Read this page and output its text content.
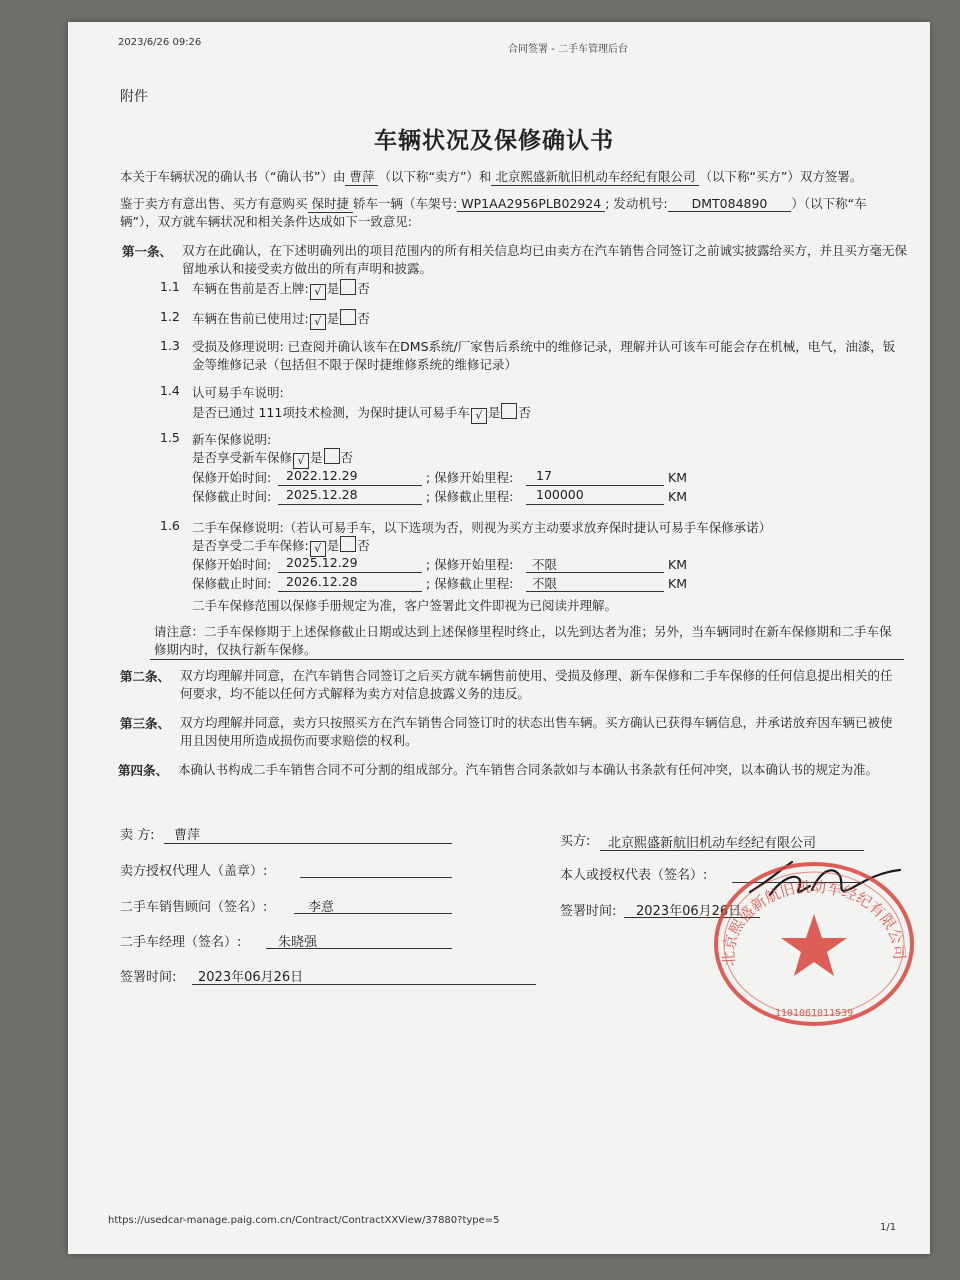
2023/6/26 09:26
合同签署 - 二手车管理后台
附件
车辆状况及保修确认书
本关于车辆状况的确认书（“确认书”）由 曹萍 （以下称“卖方”）和 北京熙盛新航旧机动车经纪有限公司 （以下称“买方”）双方签署。
鉴于卖方有意出售、买方有意购买 保时捷 轿车一辆（车架号: WP1AA2956PLB02924 ; 发动机号: DMT084890 ）（以下称“车
辆”），双方就车辆状况和相关条件达成如下一致意见:
第一条、 双方在此确认，在下述明确列出的项目范围内的所有相关信息均已由卖方在汽车销售合同签订之前诚实披露给买方，并且买方毫无保留地承认和接受卖方做出的所有声明和披露。
1.1 车辆在售前是否上牌: √ 是 否
1.2 车辆在售前已使用过: √ 是 否
1.3 受损及修理说明: 已查阅并确认该车在DMS系统/厂家售后系统中的维修记录，理解并认可该车可能会存在机械，电气，油漆，钣金等维修记录（包括但不限于保时捷维修系统的维修记录）
1.4 认可易手车说明:
是否已通过 111项技术检测，为保时捷认可易手车 √ 是 否
1.5 新车保修说明:
是否享受新车保修 √ 是 否
保修开始时间: 2022.12.29	; 保修开始里程: 17	KM
保修截止时间: 2025.12.28	; 保修截止里程: 100000	KM
1.6 二手车保修说明:（若认可易手车，以下选项为否，则视为买方主动要求放弃保时捷认可易手车保修承诺）
是否享受二手车保修: √ 是 否
保修开始时间: 2025.12.29	; 保修开始里程: 不限	KM
保修截止时间: 2026.12.28	; 保修截止里程: 不限	KM
二手车保修范围以保修手册规定为准，客户签署此文件即视为已阅读并理解。
请注意：二手车保修期于上述保修截止日期或达到上述保修里程时终止，以先到达者为准；另外，当车辆同时在新车保修期和二手车保修期内时，仅执行新车保修。
第二条、 双方均理解并同意，在汽车销售合同签订之后买方就车辆售前使用、受损及修理、新车保修和二手车保修的任何信息提出相关的任何要求，均不能以任何方式解释为卖方对信息披露义务的违反。
第三条、 双方均理解并同意，卖方只按照买方在汽车销售合同签订时的状态出售车辆。买方确认已获得车辆信息，并承诺放弃因车辆已被使用且因使用所造成损伤而要求赔偿的权利。
第四条、 本确认书构成二手车销售合同不可分割的组成部分。汽车销售合同条款如与本确认书条款有任何冲突，以本确认书的规定为准。
卖 方: 曹萍
卖方授权代理人（盖章）:
二手车销售顾问（签名）:	李意
二手车经理（签名）:	朱晓强
签署时间: 2023年06月26日
买方: 北京熙盛新航旧机动车经纪有限公司
本人或授权代表（签名）:
签署时间: 2023年06月26日
https://usedcar-manage.paig.com.cn/Contract/ContractXXView/37880?type=5
1/1
北京熙盛新航旧机动车经纪有限公司
1101061011539
